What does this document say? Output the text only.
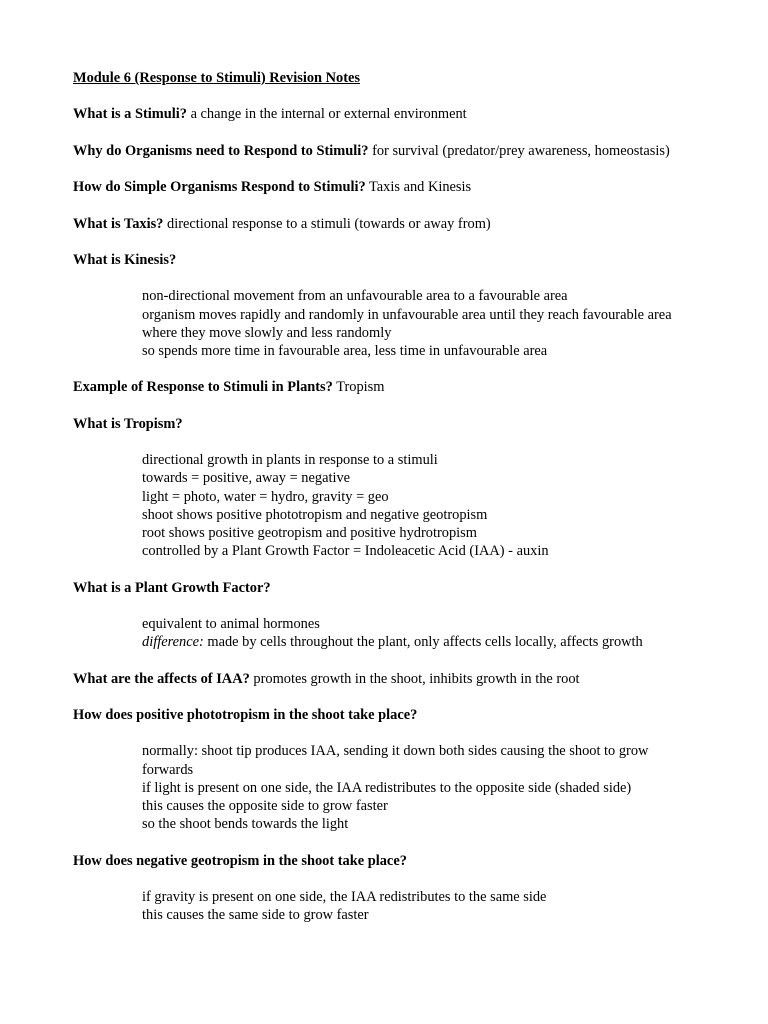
Module 6 (Response to Stimuli) Revision Notes

What is a Stimuli? a change in the internal or external environment

Why do Organisms need to Respond to Stimuli? for survival (predator/prey awareness, homeostasis)

How do Simple Organisms Respond to Stimuli? Taxis and Kinesis

What is Taxis? directional response to a stimuli (towards or away from)

What is Kinesis?

non-directional movement from an unfavourable area to a favourable area

organism moves rapidly and randomly in unfavourable area until they reach favourable area where they move slowly and less randomly

so spends more time in favourable area, less time in unfavourable area

Example of Response to Stimuli in Plants? Tropism

What is Tropism?

directional growth in plants in response to a stimuli

towards = positive, away = negative

light = photo, water = hydro, gravity = geo

shoot shows positive phototropism and negative geotropism

root shows positive geotropism and positive hydrotropism

controlled by a Plant Growth Factor = Indoleacetic Acid (IAA) - auxin

What is a Plant Growth Factor?

equivalent to animal hormones

difference: made by cells throughout the plant, only affects cells locally, affects growth

What are the affects of IAA? promotes growth in the shoot, inhibits growth in the root

How does positive phototropism in the shoot take place?

normally: shoot tip produces IAA, sending it down both sides causing the shoot to grow forwards

if light is present on one side, the IAA redistributes to the opposite side (shaded side)

this causes the opposite side to grow faster

so the shoot bends towards the light

How does negative geotropism in the shoot take place?

if gravity is present on one side, the IAA redistributes to the same side

this causes the same side to grow faster
